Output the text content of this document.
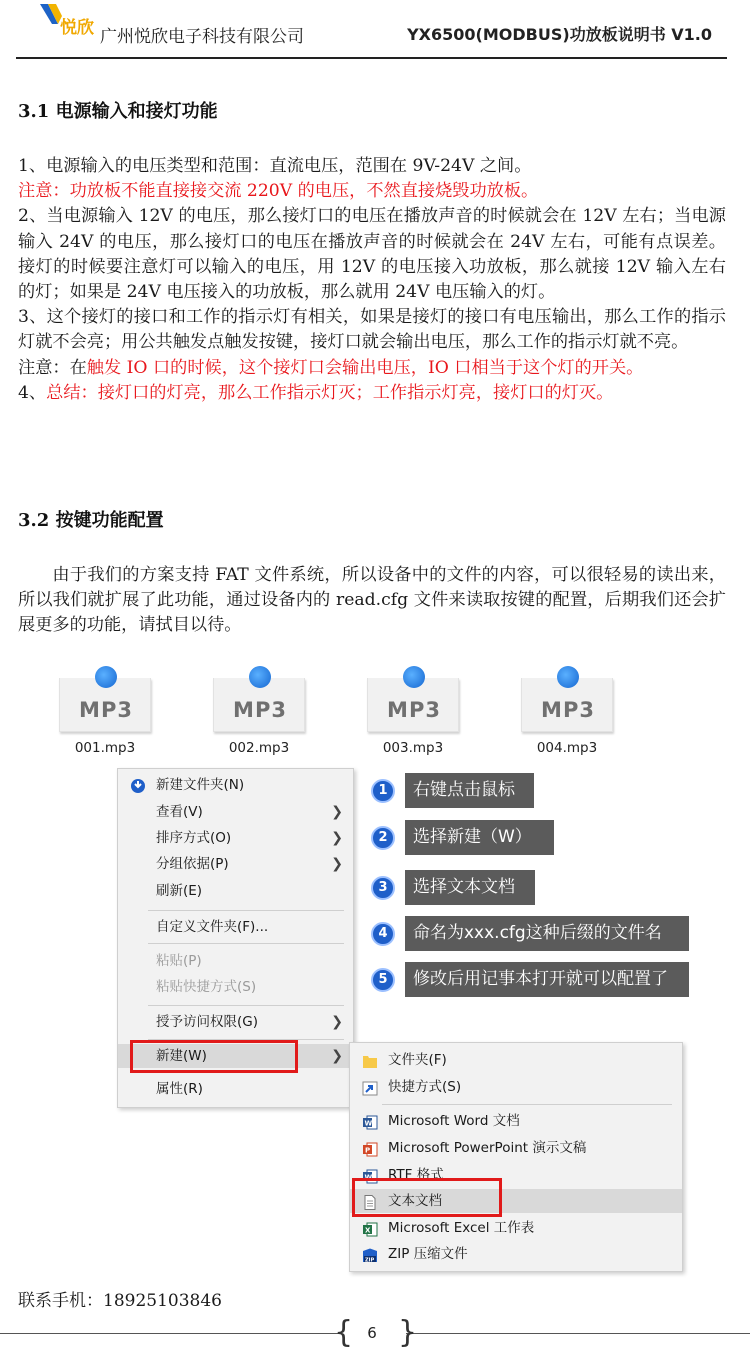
悦欣 广州悦欣电子科技有限公司	YX6500(MODBUS)功放板说明书 V1.0
3.1 电源输入和接灯功能
1、电源输入的电压类型和范围：直流电压，范围在 9V-24V 之间。
注意：功放板不能直接接交流 220V 的电压，不然直接烧毁功放板。
2、当电源输入 12V 的电压，那么接灯口的电压在播放声音的时候就会在 12V 左右；当电源输入 24V 的电压，那么接灯口的电压在播放声音的时候就会在 24V 左右，可能有点误差。接灯的时候要注意灯可以输入的电压，用 12V 的电压接入功放板，那么就接 12V 输入左右的灯；如果是 24V 电压接入的功放板，那么就用 24V 电压输入的灯。
3、这个接灯的接口和工作的指示灯有相关，如果是接灯的接口有电压输出，那么工作的指示灯就不会亮；用公共触发点触发按键，接灯口就会输出电压，那么工作的指示灯就不亮。
注意：在触发 IO 口的时候，这个接灯口会输出电压，IO 口相当于这个灯的开关。
4、总结：接灯口的灯亮，那么工作指示灯灭；工作指示灯亮，接灯口的灯灭。
3.2 按键功能配置
由于我们的方案支持 FAT 文件系统，所以设备中的文件的内容，可以很轻易的读出来，所以我们就扩展了此功能，通过设备内的 read.cfg 文件来读取按键的配置，后期我们还会扩展更多的功能，请拭目以待。
MP3
001.mp3
MP3
002.mp3
MP3
003.mp3
MP3
004.mp3
新建文件夹(N)
查看(V)	❯
排序方式(O)	❯
分组依据(P)	❯
刷新(E)
自定义文件夹(F)...
粘贴(P)
粘贴快捷方式(S)
授予访问权限(G)	❯
新建(W)	❯
属性(R)
文件夹(F)
快捷方式(S)
W Microsoft Word 文档
P Microsoft PowerPoint 演示文稿
W RTF 格式
文本文档
X Microsoft Excel 工作表
ZIP ZIP 压缩文件
1	右键点击鼠标
2	选择新建（W）
3	选择文本文档
4	命名为xxx.cfg这种后缀的文件名
5	修改后用记事本打开就可以配置了
联系手机：18925103846
{ }
6
